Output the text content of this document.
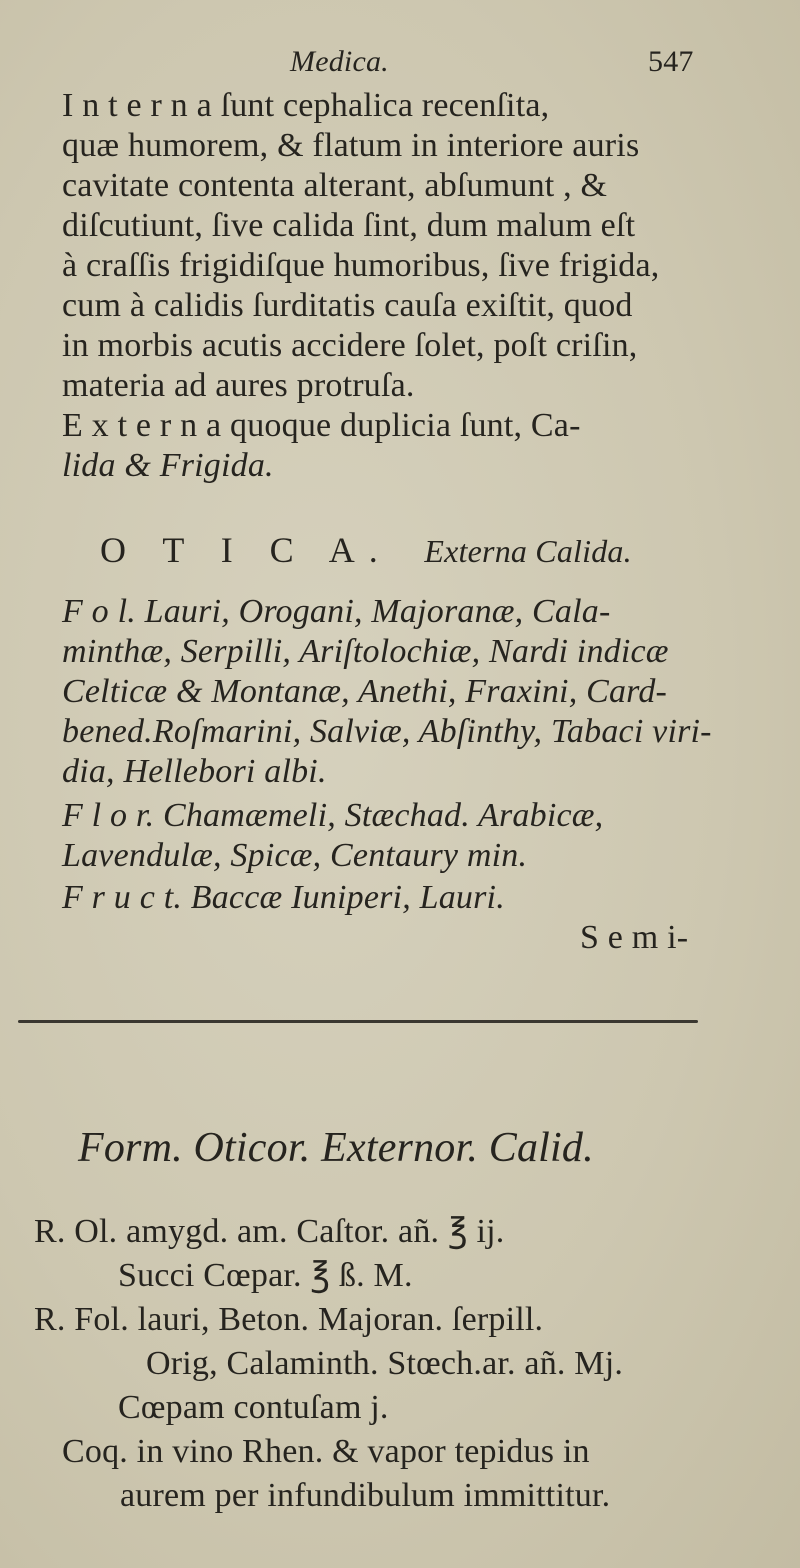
Medica.	547
I n t e r n a ſunt cephalica recenſita,
quæ humorem, & flatum in interiore auris
cavitate contenta alterant, abſumunt , &
diſcutiunt, ſive calida ſint, dum malum eſt
à craſſis frigidiſque humoribus, ſive frigida,
cum à calidis ſurditatis cauſa exiſtit, quod
in morbis acutis accidere ſolet, poſt criſin,
materia ad aures protruſa.
E x t e r n a quoque duplicia ſunt, Ca-
lida & Frigida.
O T I C A. Externa Calida.
F o l. Lauri, Orogani, Majoranæ, Cala-
minthæ, Serpilli, Ariſtolochiæ, Nardi indicæ
Celticæ & Montanæ, Anethi, Fraxini, Card-
bened.Roſmarini, Salviæ, Abſinthy, Tabaci viri-
dia, Hellebori albi.
F l o r. Chamæmeli, Stæchad. Arabicæ,
Lavendulæ, Spicæ, Centaury min.
F r u c t. Baccæ Iuniperi, Lauri.
S e m i-
Form. Oticor. Externor. Calid.
R. Ol. amygd. am. Caſtor. añ. ℥ ij.
Succi Cœpar. ℥ ß. M.
R. Fol. lauri, Beton. Majoran. ſerpill.
Orig, Calaminth. Stœch.ar. añ. Mj.
Cœpam contuſam j.
Coq. in vino Rhen. & vapor tepidus in
aurem per infundibulum immittitur.
